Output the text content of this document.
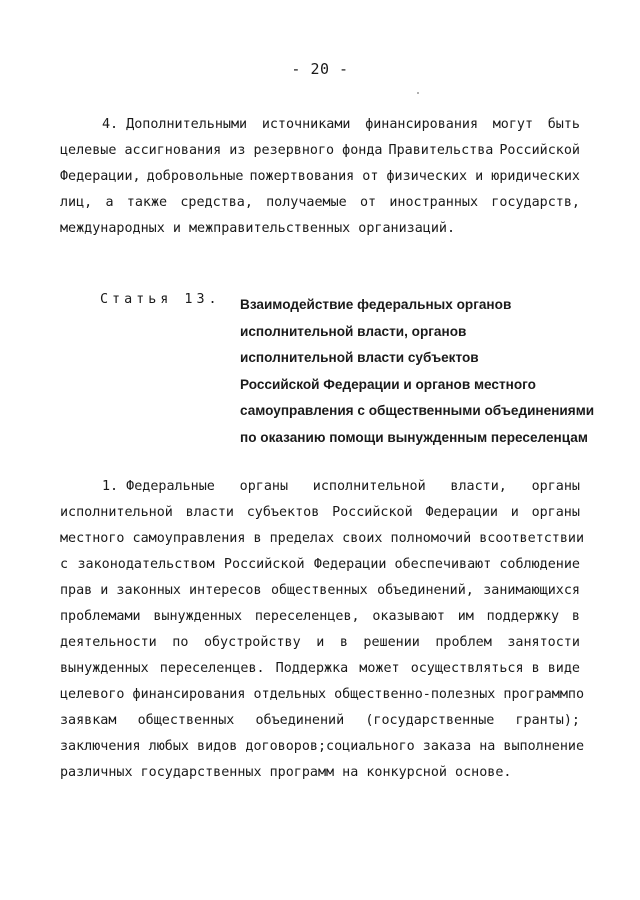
- 20 -
4. Дополнительными источниками финансирования могут быть
целевые ассигнования из резервного фонда Правительства Российской
Федерации, добровольные пожертвования от физических и юридических
лиц, а также средства, получаемые от иностранных государств,
международных и межправительственных организаций.
Статья 13. Взаимодействие федеральных органов
исполнительной власти, органов
исполнительной власти субъектов
Российской Федерации и органов местного
самоуправления с общественными объединениями
по оказанию помощи вынужденным переселенцам
1. Федеральные органы исполнительной власти, органы
исполнительной власти субъектов Российской Федерации и органы
местного самоуправления в пределах своих полномочий в соответствии
с законодательством Российской Федерации обеспечивают соблюдение
прав и законных интересов общественных объединений, занимающихся
проблемами вынужденных переселенцев, оказывают им поддержку в
деятельности по обустройству и в решении проблем занятости
вынужденных переселенцев. Поддержка может осуществляться в виде
целевого финансирования отдельных общественно-полезных программ по
заявкам общественных объединений (государственные гранты);
заключения любых видов договоров; социального заказа на выполнение
различных государственных программ на конкурсной основе.
